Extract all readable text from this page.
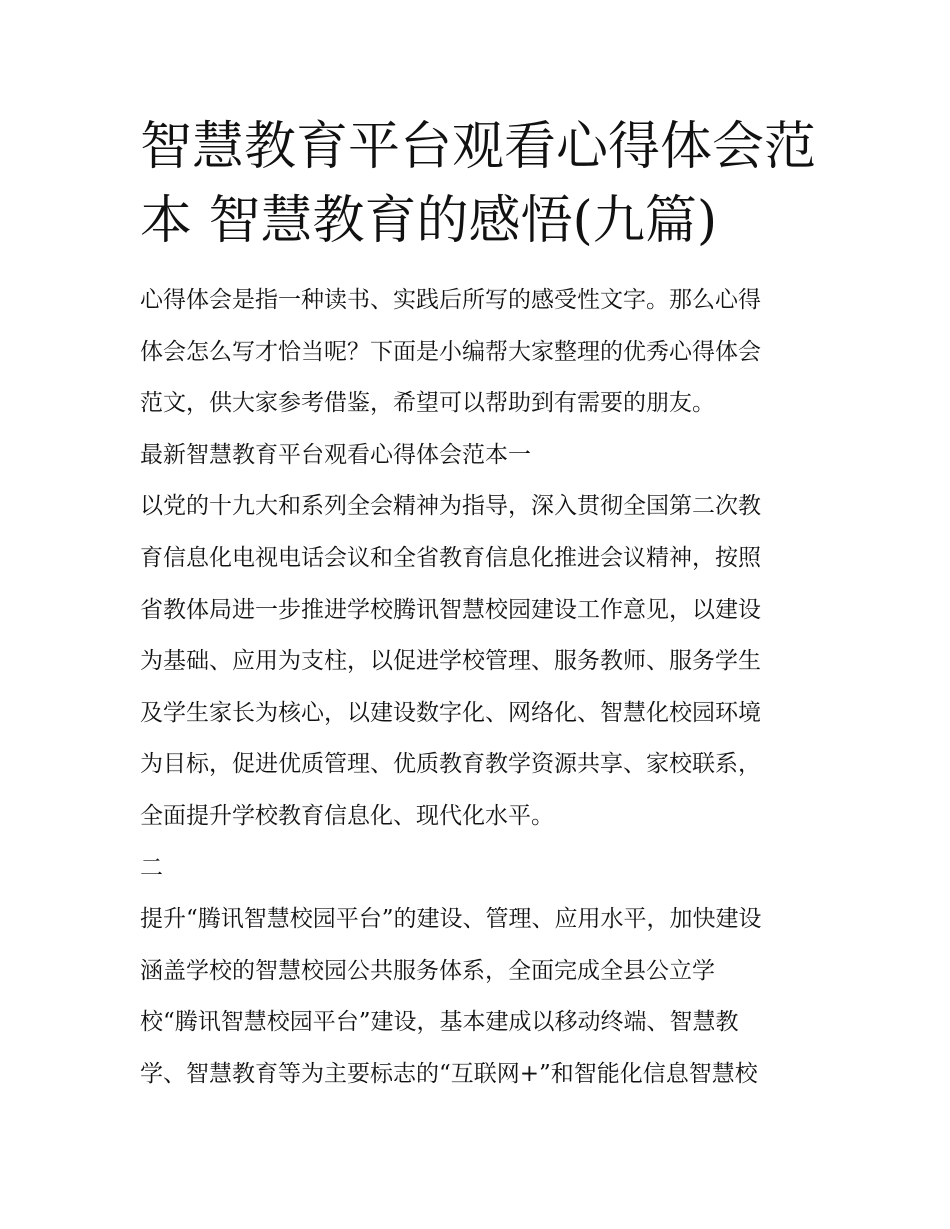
智慧教育平台观看心得体会范
本 智慧教育的感悟(九篇)
心得体会是指一种读书、实践后所写的感受性文字。那么心得
体会怎么写才恰当呢？下面是小编帮大家整理的优秀心得体会
范文，供大家参考借鉴，希望可以帮助到有需要的朋友。
最新智慧教育平台观看心得体会范本一
以党的十九大和系列全会精神为指导，深入贯彻全国第二次教
育信息化电视电话会议和全省教育信息化推进会议精神，按照
省教体局进一步推进学校腾讯智慧校园建设工作意见，以建设
为基础、应用为支柱，以促进学校管理、服务教师、服务学生
及学生家长为核心，以建设数字化、网络化、智慧化校园环境
为目标，促进优质管理、优质教育教学资源共享、家校联系，
全面提升学校教育信息化、现代化水平。
二
提升“腾讯智慧校园平台”的建设、管理、应用水平，加快建设
涵盖学校的智慧校园公共服务体系，全面完成全县公立学
校“腾讯智慧校园平台”建设，基本建成以移动终端、智慧教
学、智慧教育等为主要标志的“互联网+”和智能化信息智慧校
